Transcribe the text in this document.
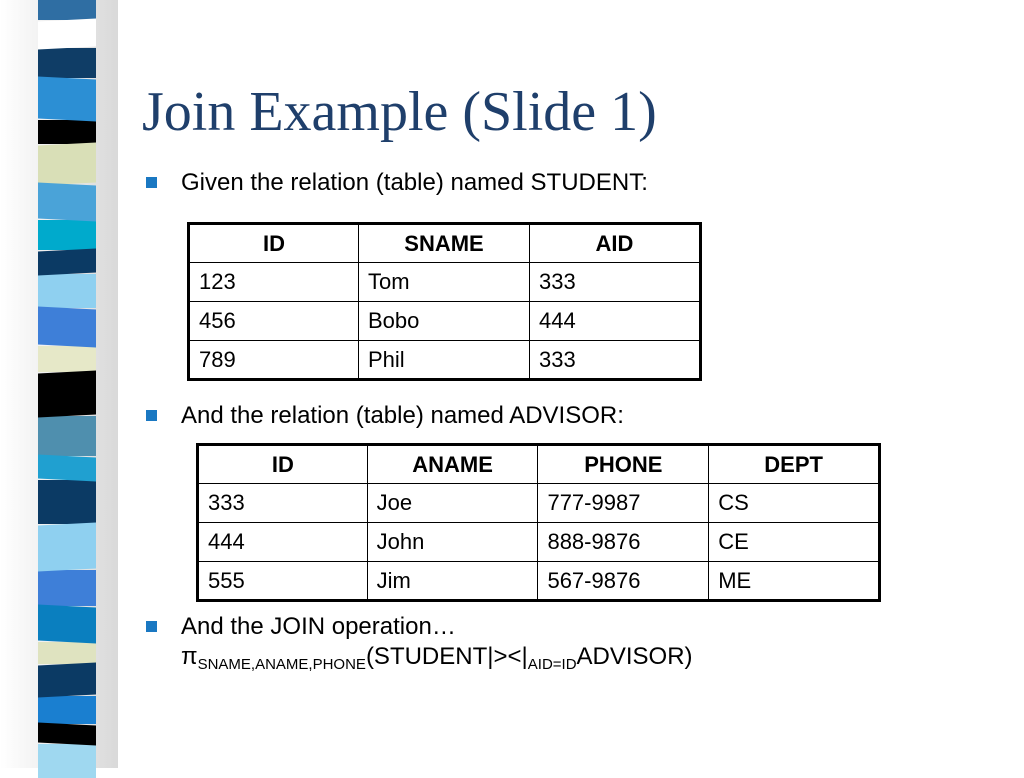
Join Example (Slide 1)
Given the relation (table) named STUDENT:
ID	SNAME	AID
123	Tom	333
456	Bobo	444
789	Phil	333
And the relation (table) named ADVISOR:
ID	ANAME	PHONE	DEPT
333	Joe	777-9987	CS
444	John	888-9876	CE
555	Jim	567-9876	ME
And the JOIN operation…
$\pi_{SNAME,ANAME,PHONE}(STUDENT|><|_{AID=ID}ADVISOR)$
